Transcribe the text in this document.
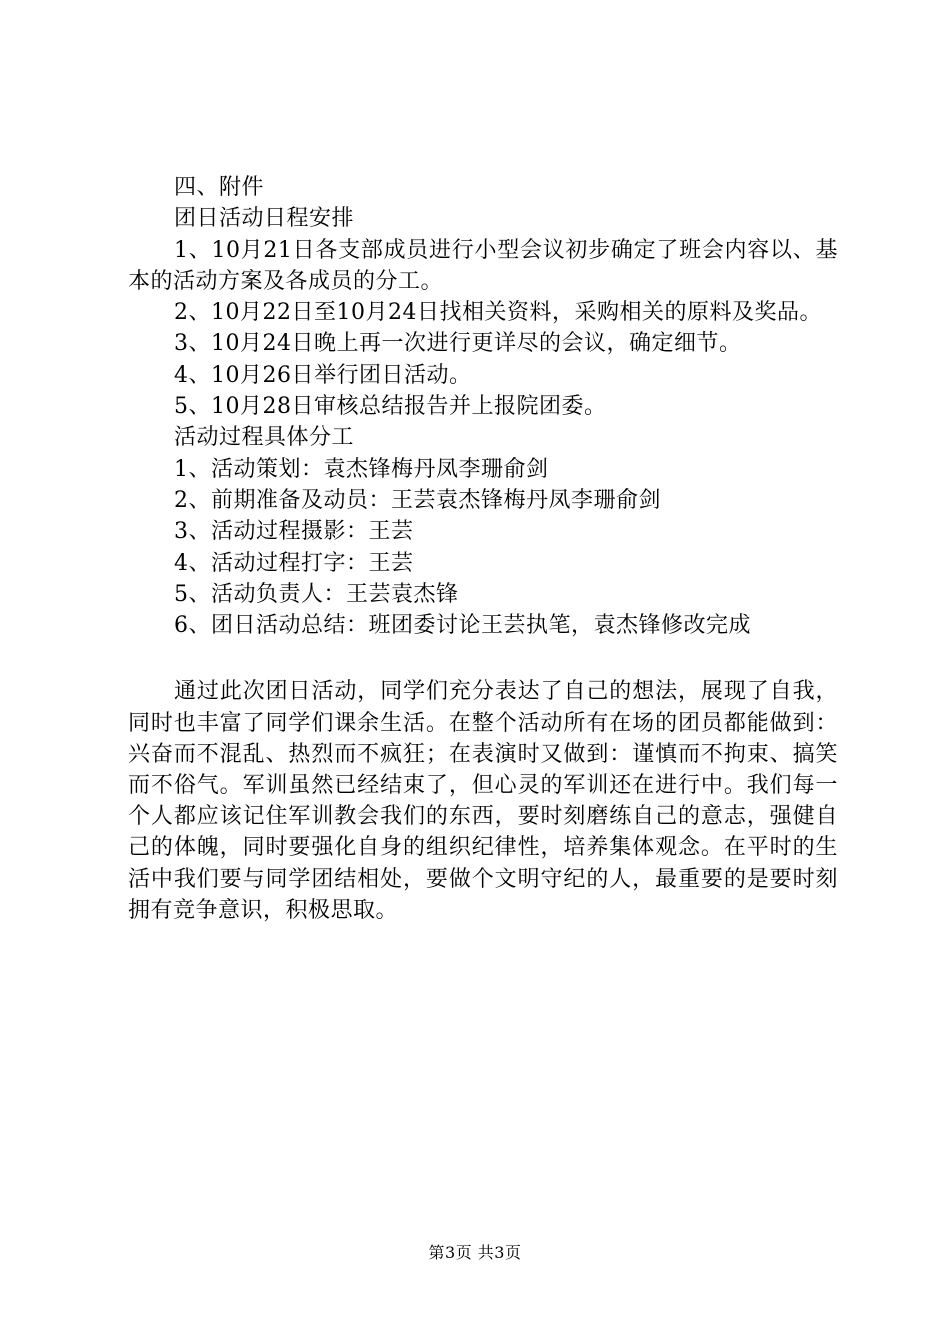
四、附件

团日活动日程安排

1、10月21日各支部成员进行小型会议初步确定了班会内容以、基本的活动方案及各成员的分工。

2、10月22日至10月24日找相关资料，采购相关的原料及奖品。

3、10月24日晚上再一次进行更详尽的会议，确定细节。

4、10月26日举行团日活动。

5、10月28日审核总结报告并上报院团委。

活动过程具体分工

1、活动策划：袁杰锋梅丹凤李珊俞剑

2、前期准备及动员：王芸袁杰锋梅丹凤李珊俞剑

3、活动过程摄影：王芸

4、活动过程打字：王芸

5、活动负责人：王芸袁杰锋

6、团日活动总结：班团委讨论王芸执笔，袁杰锋修改完成

通过此次团日活动，同学们充分表达了自己的想法，展现了自我，同时也丰富了同学们课余生活。在整个活动所有在场的团员都能做到：兴奋而不混乱、热烈而不疯狂；在表演时又做到：谨慎而不拘束、搞笑而不俗气。军训虽然已经结束了，但心灵的军训还在进行中。我们每一个人都应该记住军训教会我们的东西，要时刻磨练自己的意志，强健自己的体魄，同时要强化自身的组织纪律性，培养集体观念。在平时的生活中我们要与同学团结相处，要做个文明守纪的人，最重要的是要时刻拥有竞争意识，积极思取。

第3页 共3页
